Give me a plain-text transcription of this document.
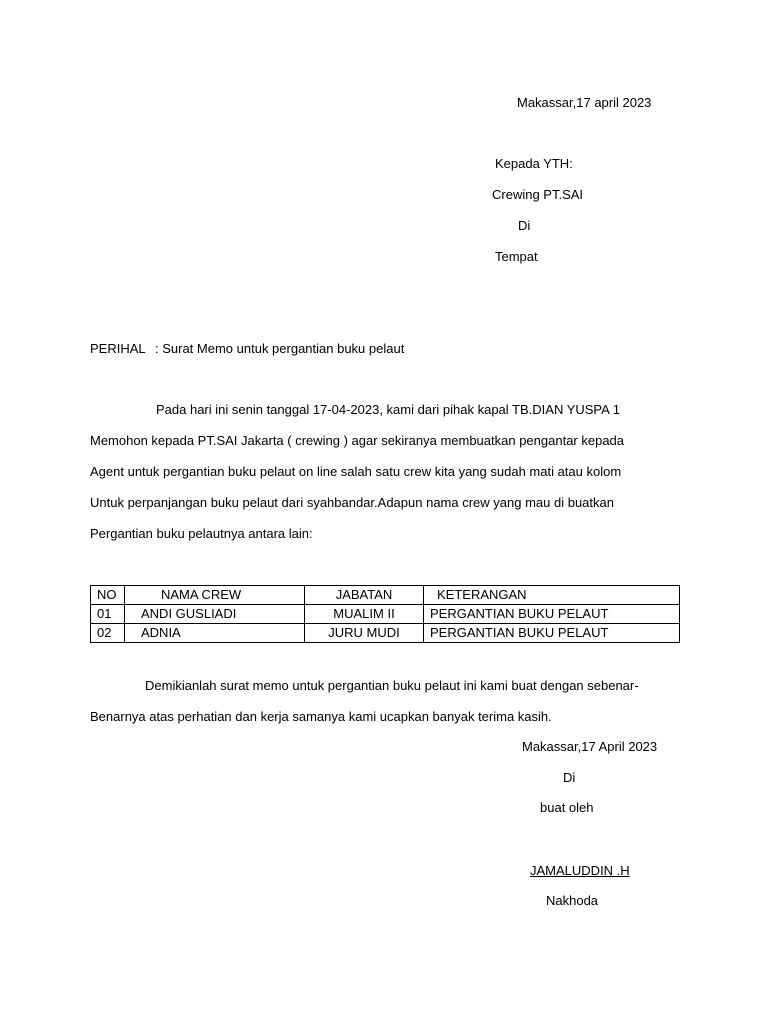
Makassar,17 april 2023
Kepada YTH:
Crewing PT.SAI
Di
Tempat
PERIHAL : Surat Memo untuk pergantian buku pelaut
Pada hari ini senin tanggal 17-04-2023, kami dari pihak kapal TB.DIAN YUSPA 1
Memohon kepada PT.SAI Jakarta ( crewing ) agar sekiranya membuatkan pengantar kepada
Agent untuk pergantian buku pelaut on line salah satu crew kita yang sudah mati atau kolom
Untuk perpanjangan buku pelaut dari syahbandar.Adapun nama crew yang mau di buatkan
Pergantian buku pelautnya antara lain:
NO	NAMA CREW	JABATAN	KETERANGAN
01	ANDI GUSLIADI	MUALIM II	PERGANTIAN BUKU PELAUT
02	ADNIA	JURU MUDI	PERGANTIAN BUKU PELAUT
Demikianlah surat memo untuk pergantian buku pelaut ini kami buat dengan sebenar-
Benarnya atas perhatian dan kerja samanya kami ucapkan banyak terima kasih.
Makassar,17 April 2023
Di
buat oleh
JAMALUDDIN .H
Nakhoda
